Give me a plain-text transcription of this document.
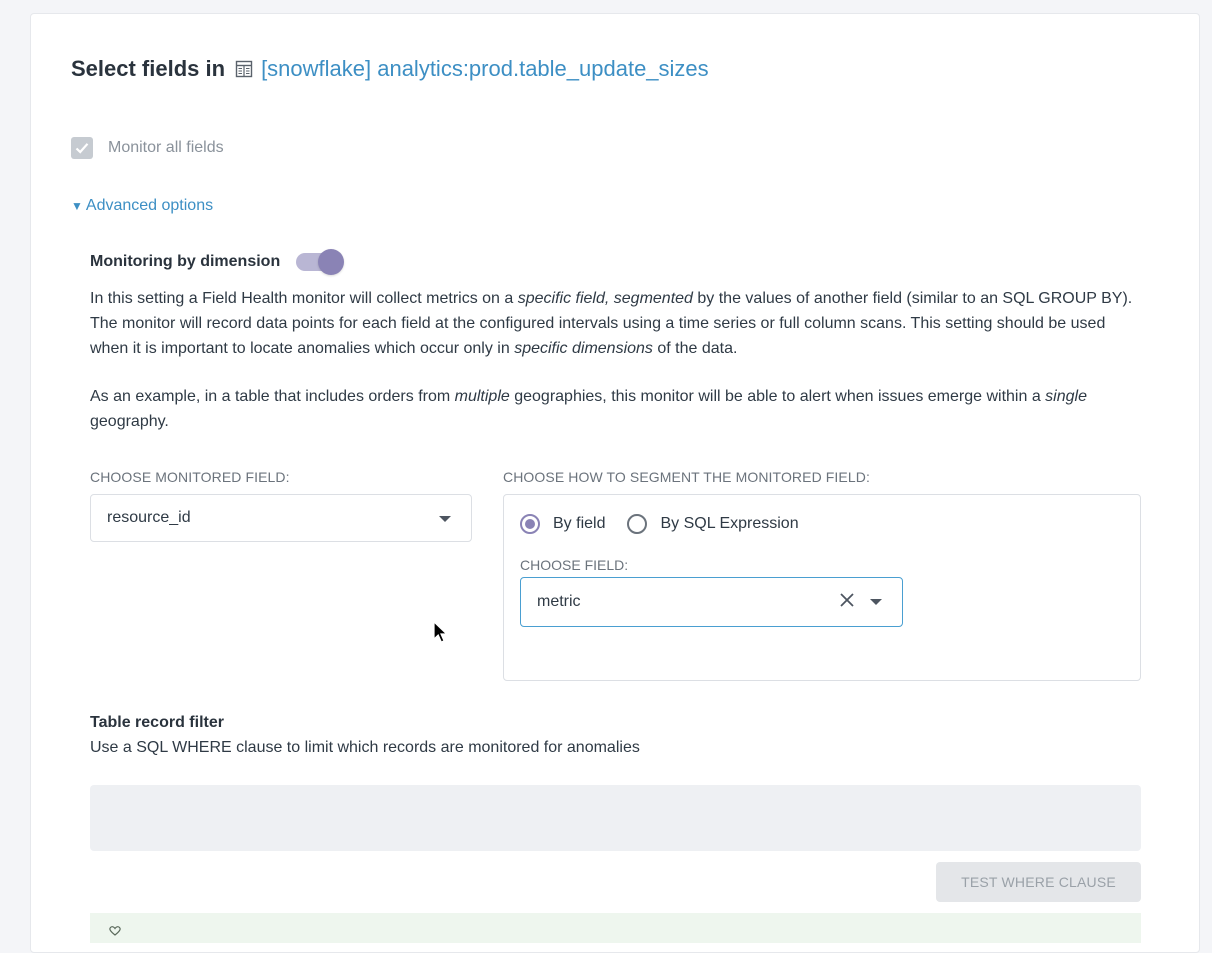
Select fields in [snowflake] analytics:prod.table_update_sizes
Monitor all fields
▼ Advanced options
Monitoring by dimension

In this setting a Field Health monitor will collect metrics on a specific field, segmented by the values of another field (similar to an SQL GROUP BY). The monitor will record data points for each field at the configured intervals using a time series or full column scans. This setting should be used when it is important to locate anomalies which occur only in specific dimensions of the data.

As an example, in a table that includes orders from multiple geographies, this monitor will be able to alert when issues emerge within a single geography.

CHOOSE MONITORED FIELD:
resource_id
CHOOSE HOW TO SEGMENT THE MONITORED FIELD:
By field	By SQL Expression
CHOOSE FIELD:
metric
Table record filter
Use a SQL WHERE clause to limit which records are monitored for anomalies
TEST WHERE CLAUSE
